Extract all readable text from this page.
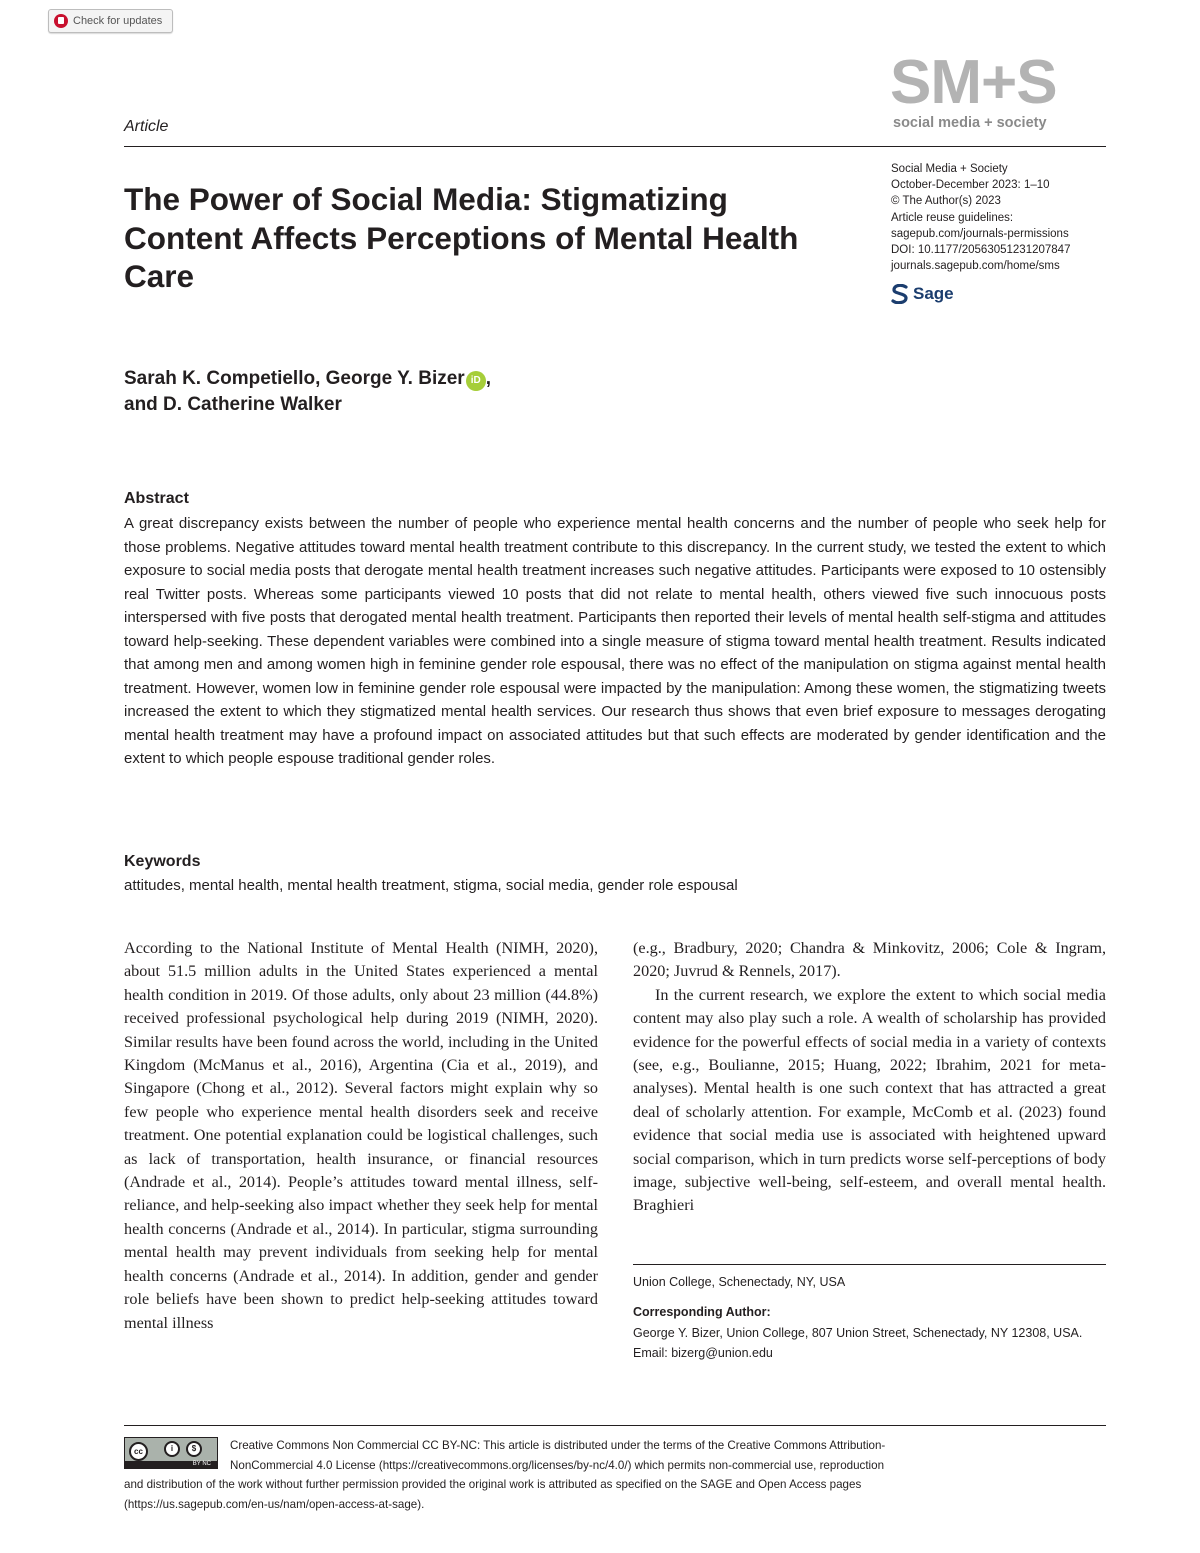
Check for updates
SM+S
social media + society
Article
The Power of Social Media: Stigmatizing Content Affects Perceptions of Mental Health Care
Social Media + Society
October-December 2023: 1–10
© The Author(s) 2023
Article reuse guidelines:
sagepub.com/journals-permissions
DOI: 10.1177/20563051231207847
journals.sagepub.com/home/sms
Sage
Sarah K. Competiello, George Y. Bizer iD ,
and D. Catherine Walker
Abstract

A great discrepancy exists between the number of people who experience mental health concerns and the number of people who seek help for those problems. Negative attitudes toward mental health treatment contribute to this discrepancy. In the current study, we tested the extent to which exposure to social media posts that derogate mental health treatment increases such negative attitudes. Participants were exposed to 10 ostensibly real Twitter posts. Whereas some participants viewed 10 posts that did not relate to mental health, others viewed five such innocuous posts interspersed with five posts that derogated mental health treatment. Participants then reported their levels of mental health self-stigma and attitudes toward help-seeking. These dependent variables were combined into a single measure of stigma toward mental health treatment. Results indicated that among men and among women high in feminine gender role espousal, there was no effect of the manipulation on stigma against mental health treatment. However, women low in feminine gender role espousal were impacted by the manipulation: Among these women, the stigmatizing tweets increased the extent to which they stigmatized mental health services. Our research thus shows that even brief exposure to messages derogating mental health treatment may have a profound impact on associated attitudes but that such effects are moderated by gender identification and the extent to which people espouse traditional gender roles.

Keywords

attitudes, mental health, mental health treatment, stigma, social media, gender role espousal

According to the National Institute of Mental Health (NIMH, 2020), about 51.5 million adults in the United States experienced a mental health condition in 2019. Of those adults, only about 23 million (44.8%) received professional psychological help during 2019 (NIMH, 2020). Similar results have been found across the world, including in the United Kingdom (McManus et al., 2016), Argentina (Cia et al., 2019), and Singapore (Chong et al., 2012). Several factors might explain why so few people who experience mental health disorders seek and receive treatment. One potential explanation could be logistical challenges, such as lack of transportation, health insurance, or financial resources (Andrade et al., 2014). People’s attitudes toward mental illness, self-reliance, and help-seeking also impact whether they seek help for mental health concerns (Andrade et al., 2014). In particular, stigma surrounding mental health may prevent individuals from seeking help for mental health concerns (Andrade et al., 2014). In addition, gender and gender role beliefs have been shown to predict help-seeking attitudes toward mental illness

(e.g., Bradbury, 2020; Chandra & Minkovitz, 2006; Cole & Ingram, 2020; Juvrud & Rennels, 2017).

In the current research, we explore the extent to which social media content may also play such a role. A wealth of scholarship has provided evidence for the powerful effects of social media in a variety of contexts (see, e.g., Boulianne, 2015; Huang, 2022; Ibrahim, 2021 for meta-analyses). Mental health is one such context that has attracted a great deal of scholarly attention. For example, McComb et al. (2023) found evidence that social media use is associated with heightened upward social comparison, which in turn predicts worse self-perceptions of body image, subjective well-being, self-esteem, and overall mental health. Braghieri

Union College, Schenectady, NY, USA
Corresponding Author:
George Y. Bizer, Union College, 807 Union Street, Schenectady, NY 12308, USA.
Email: bizerg@union.edu
cc	i	$
BY NC
Creative Commons Non Commercial CC BY-NC: This article is distributed under the terms of the Creative Commons Attribution-
NonCommercial 4.0 License (https://creativecommons.org/licenses/by-nc/4.0/) which permits non-commercial use, reproduction
and distribution of the work without further permission provided the original work is attributed as specified on the SAGE and Open Access pages
(https://us.sagepub.com/en-us/nam/open-access-at-sage).
